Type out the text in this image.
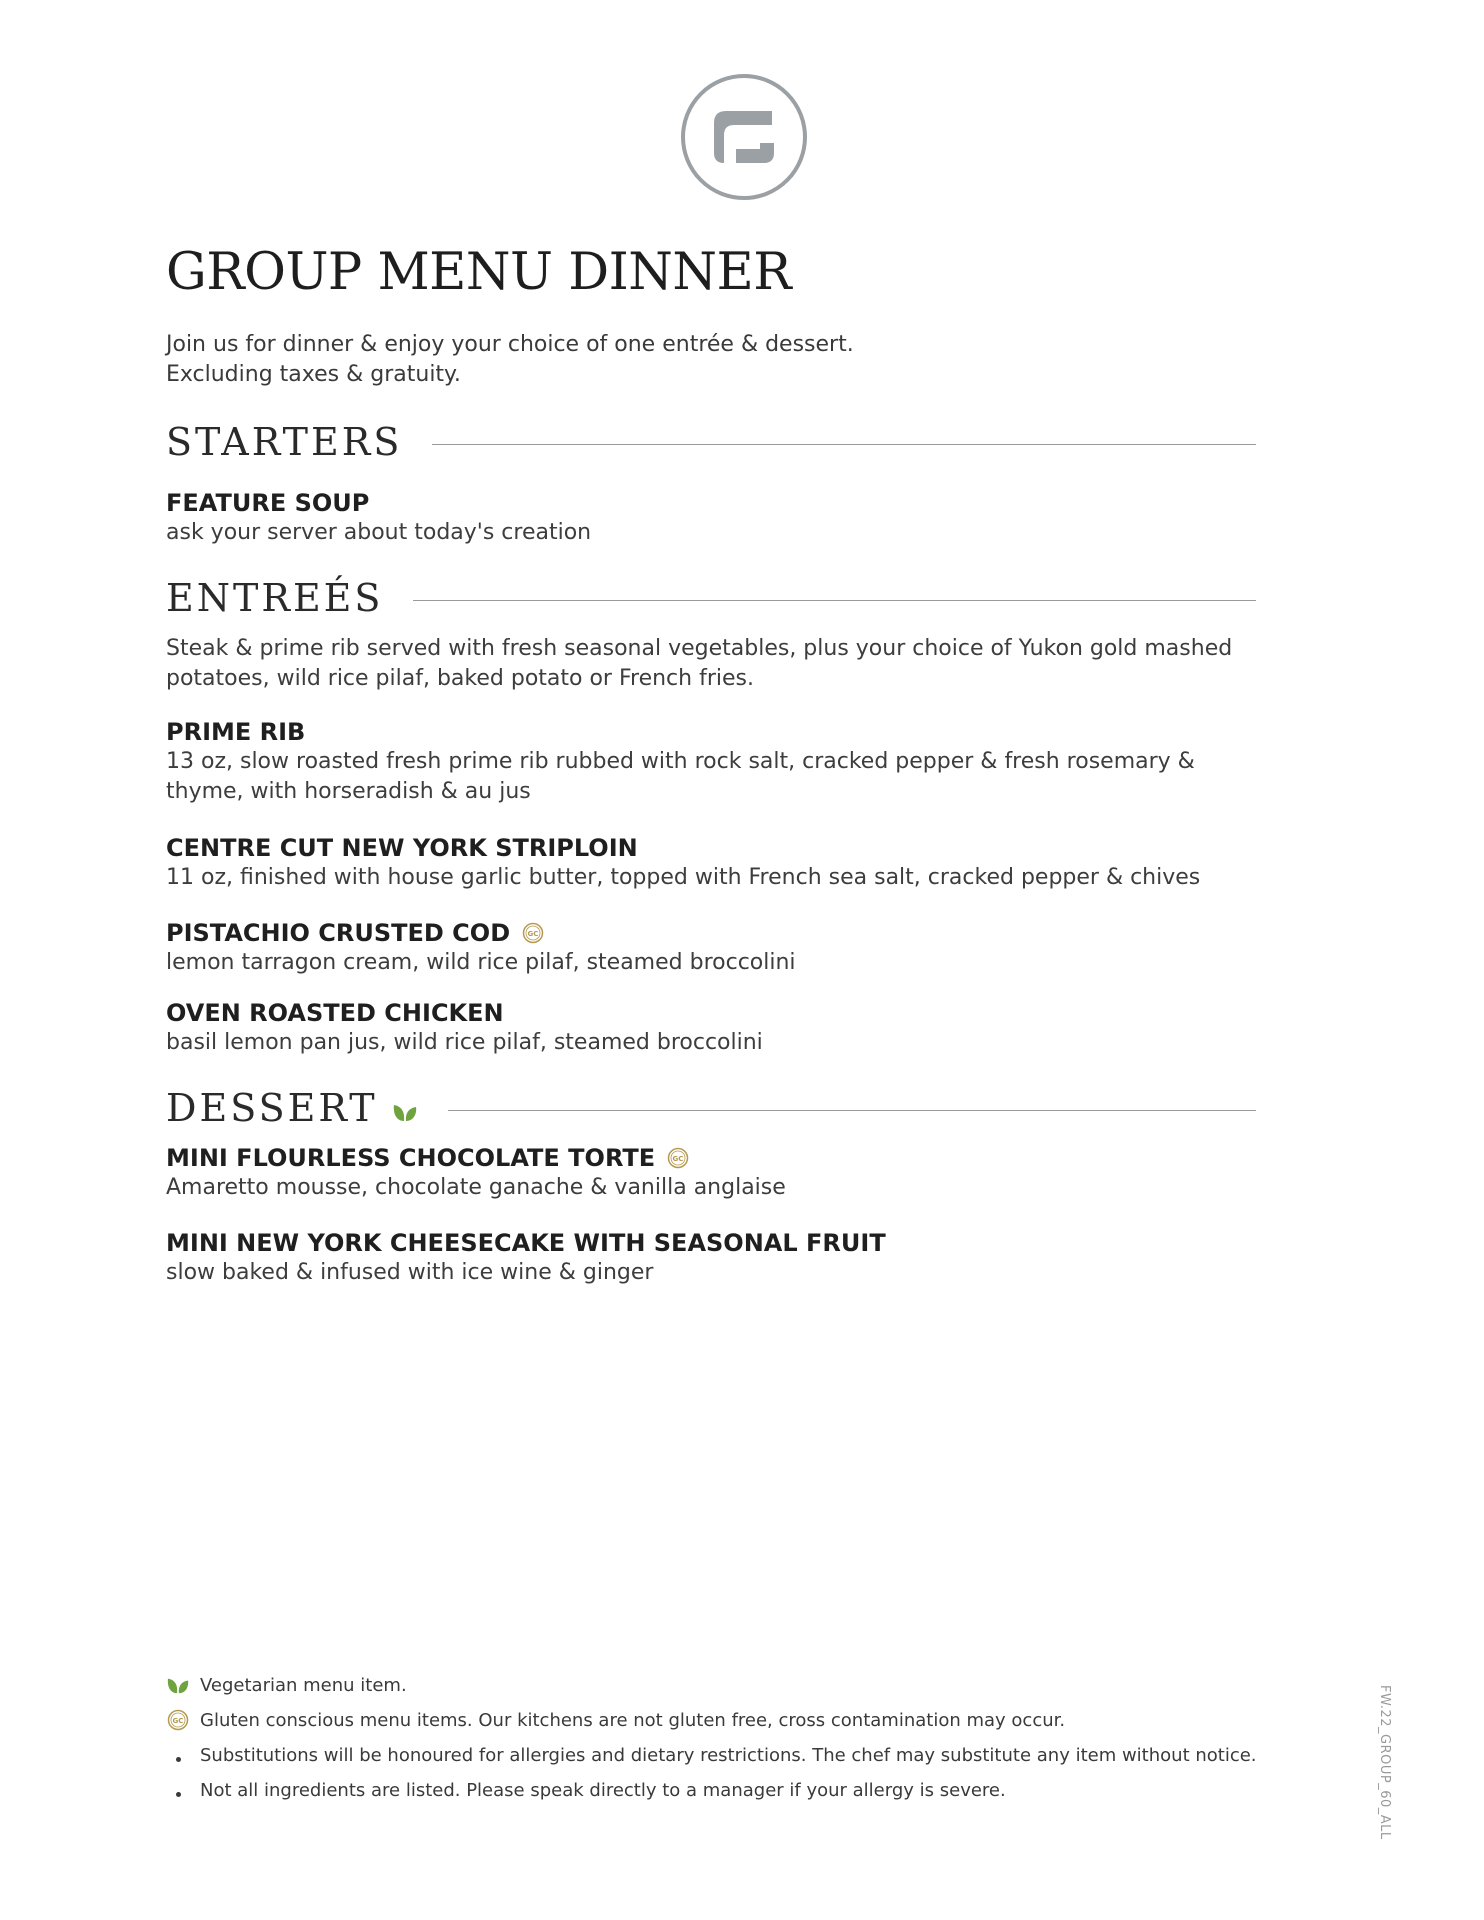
GROUP MENU DINNER
Join us for dinner & enjoy your choice of one entrée & dessert.
Excluding taxes & gratuity.
STARTERS
FEATURE SOUP
ask your server about today's creation
ENTREÉS
Steak & prime rib served with fresh seasonal vegetables, plus your choice of Yukon gold mashed potatoes, wild rice pilaf, baked potato or French fries.
PRIME RIB
13 oz, slow roasted fresh prime rib rubbed with rock salt, cracked pepper & fresh rosemary & thyme, with horseradish & au jus
CENTRE CUT NEW YORK STRIPLOIN
11 oz, finished with house garlic butter, topped with French sea salt, cracked pepper & chives
PISTACHIO CRUSTED COD	GC
lemon tarragon cream, wild rice pilaf, steamed broccolini
OVEN ROASTED CHICKEN
basil lemon pan jus, wild rice pilaf, steamed broccolini
DESSERT
MINI FLOURLESS CHOCOLATE TORTE	GC
Amaretto mousse, chocolate ganache & vanilla anglaise
MINI NEW YORK CHEESECAKE WITH SEASONAL FRUIT
slow baked & infused with ice wine & ginger
Vegetarian menu item.
GC Gluten conscious menu items. Our kitchens are not gluten free, cross contamination may occur.
Substitutions will be honoured for allergies and dietary restrictions. The chef may substitute any item without notice.
Not all ingredients are listed. Please speak directly to a manager if your allergy is severe.	FW.22_GROUP_60_ALL
